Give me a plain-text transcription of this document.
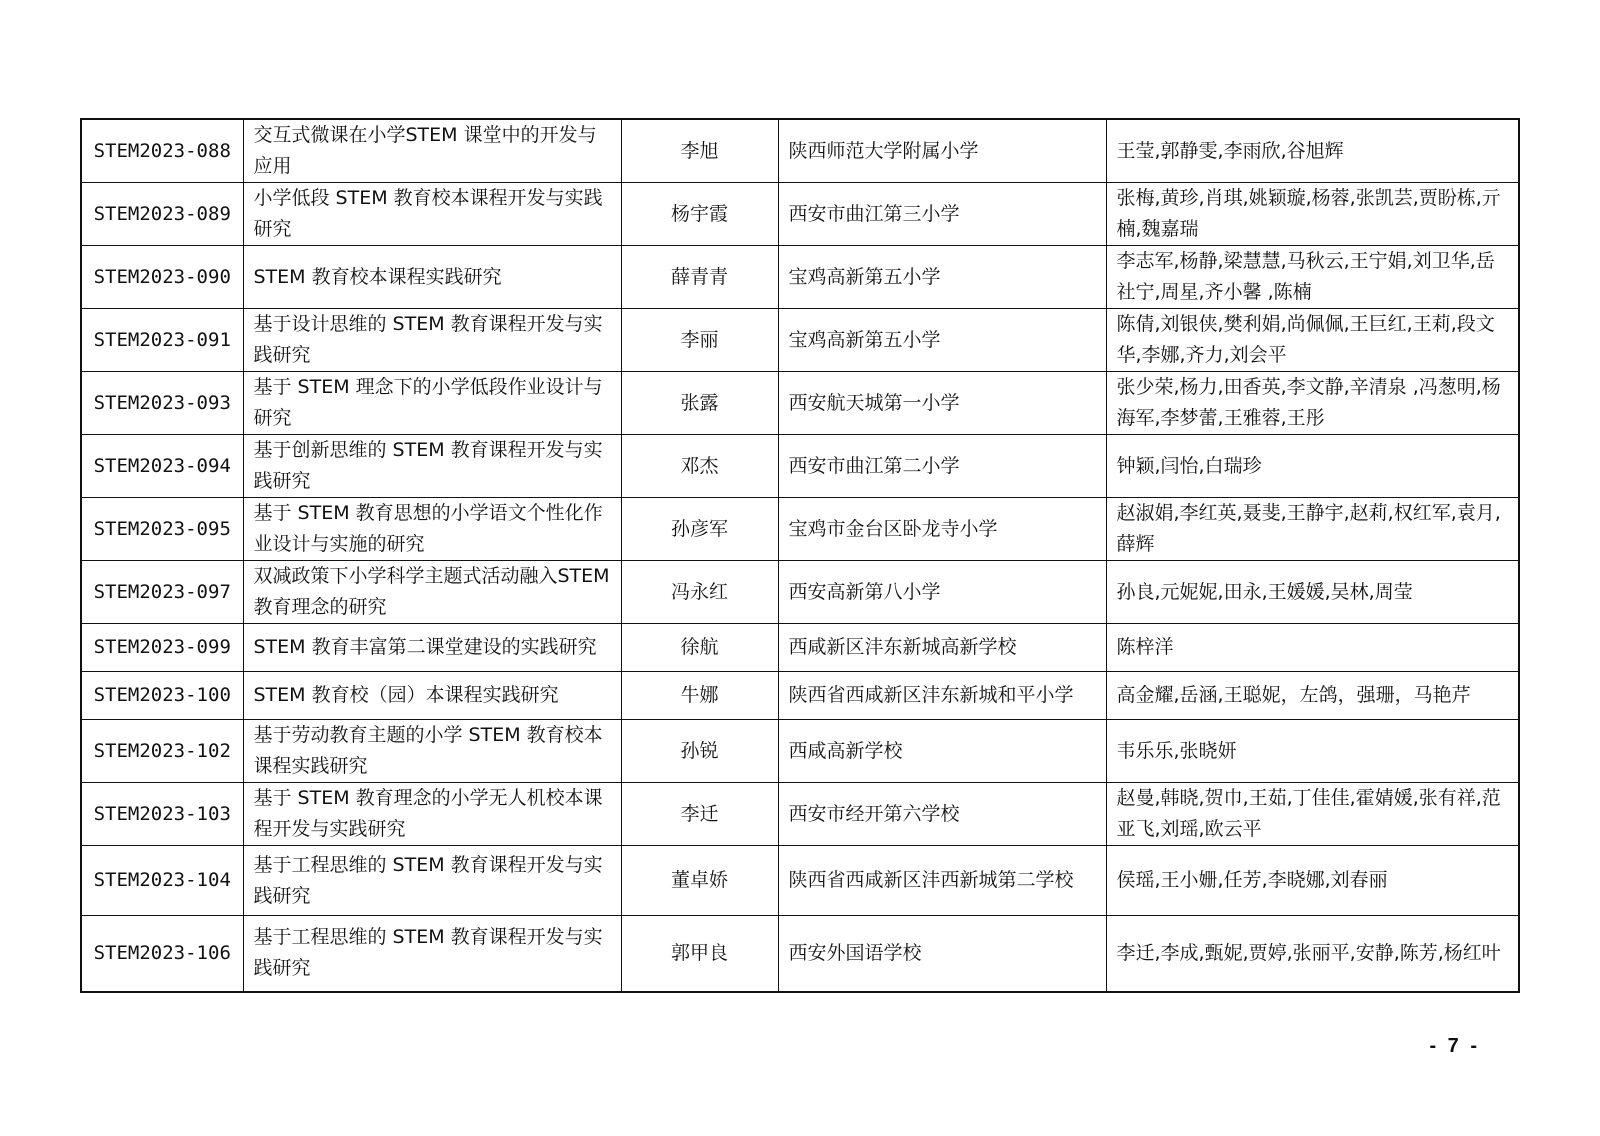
STEM2023-088	交互式微课在小学STEM 课堂中的开发与应用	李旭	陕西师范大学附属小学	王莹,郭静雯,李雨欣,谷旭辉
STEM2023-089	小学低段 STEM 教育校本课程开发与实践研究	杨宇霞	西安市曲江第三小学	张梅,黄珍,肖琪,姚颖璇,杨蓉,张凯芸,贾盼栋,亓楠,魏嘉瑞
STEM2023-090	STEM 教育校本课程实践研究	薛青青	宝鸡高新第五小学	李志军,杨静,梁慧慧,马秋云,王宁娟,刘卫华,岳社宁,周星,齐小馨 ,陈楠
STEM2023-091	基于设计思维的 STEM 教育课程开发与实践研究	李丽	宝鸡高新第五小学	陈倩,刘银侠,樊利娟,尚佩佩,王巨红,王莉,段文华,李娜,齐力,刘会平
STEM2023-093	基于 STEM 理念下的小学低段作业设计与研究	张露	西安航天城第一小学	张少荣,杨力,田香英,李文静,辛清泉 ,冯葱明,杨海军,李梦蕾,王雅蓉,王彤
STEM2023-094	基于创新思维的 STEM 教育课程开发与实践研究	邓杰	西安市曲江第二小学	钟颖,闫怡,白瑞珍
STEM2023-095	基于 STEM 教育思想的小学语文个性化作业设计与实施的研究	孙彦军	宝鸡市金台区卧龙寺小学	赵淑娟,李红英,聂斐,王静宇,赵莉,权红军,袁月,薛辉
STEM2023-097	双减政策下小学科学主题式活动融入STEM 教育理念的研究	冯永红	西安高新第八小学	孙良,元妮妮,田永,王媛媛,吴林,周莹
STEM2023-099	STEM 教育丰富第二课堂建设的实践研究	徐航	西咸新区沣东新城高新学校	陈梓洋
STEM2023-100	STEM 教育校（园）本课程实践研究	牛娜	陕西省西咸新区沣东新城和平小学	高金耀,岳涵,王聪妮，左鸽，强珊，马艳芹
STEM2023-102	基于劳动教育主题的小学 STEM 教育校本课程实践研究	孙锐	西咸高新学校	韦乐乐,张晓妍
STEM2023-103	基于 STEM 教育理念的小学无人机校本课程开发与实践研究	李迁	西安市经开第六学校	赵曼,韩晓,贺巾,王茹,丁佳佳,霍婧媛,张有祥,范亚飞,刘瑶,欧云平
STEM2023-104	基于工程思维的 STEM 教育课程开发与实践研究	董卓娇	陕西省西咸新区沣西新城第二学校	侯瑶,王小姗,任芳,李晓娜,刘春丽
STEM2023-106	基于工程思维的 STEM 教育课程开发与实践研究	郭甲良	西安外国语学校	李迁,李成,甄妮,贾婷,张丽平,安静,陈芳,杨红叶
- 7 -
